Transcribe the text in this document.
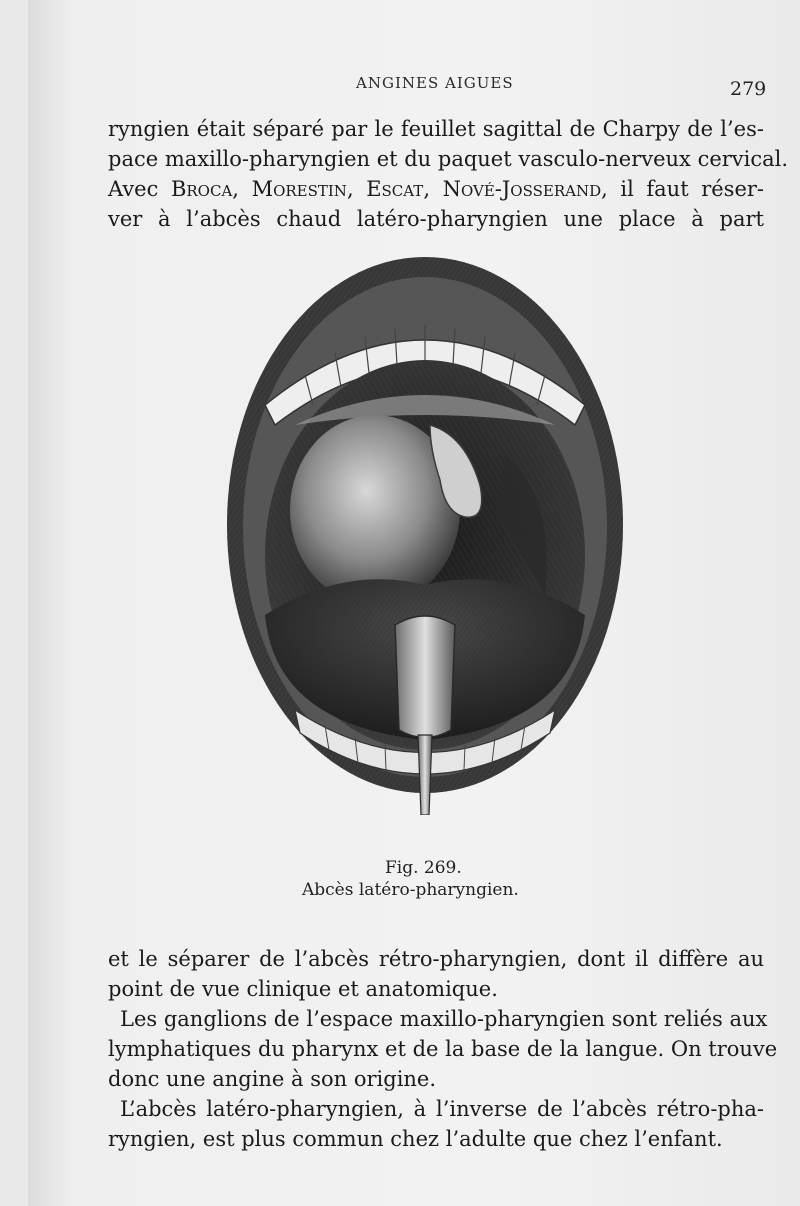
ANGINES AIGUES	279
ryngien était séparé par le feuillet sagittal de Charpy de l’es-
pace maxillo-pharyngien et du paquet vasculo-nerveux cervical.
Avec Broca, Morestin, Escat, Nové-Josserand, il faut réser-
ver à l’abcès chaud latéro-pharyngien une place à part
Fig. 269.
Abcès latéro-pharyngien.
et le séparer de l’abcès rétro-pharyngien, dont il diffère au
point de vue clinique et anatomique.
Les ganglions de l’espace maxillo-pharyngien sont reliés aux
lymphatiques du pharynx et de la base de la langue. On trouve
donc une angine à son origine.
L’abcès latéro-pharyngien, à l’inverse de l’abcès rétro-pha-
ryngien, est plus commun chez l’adulte que chez l’enfant.
